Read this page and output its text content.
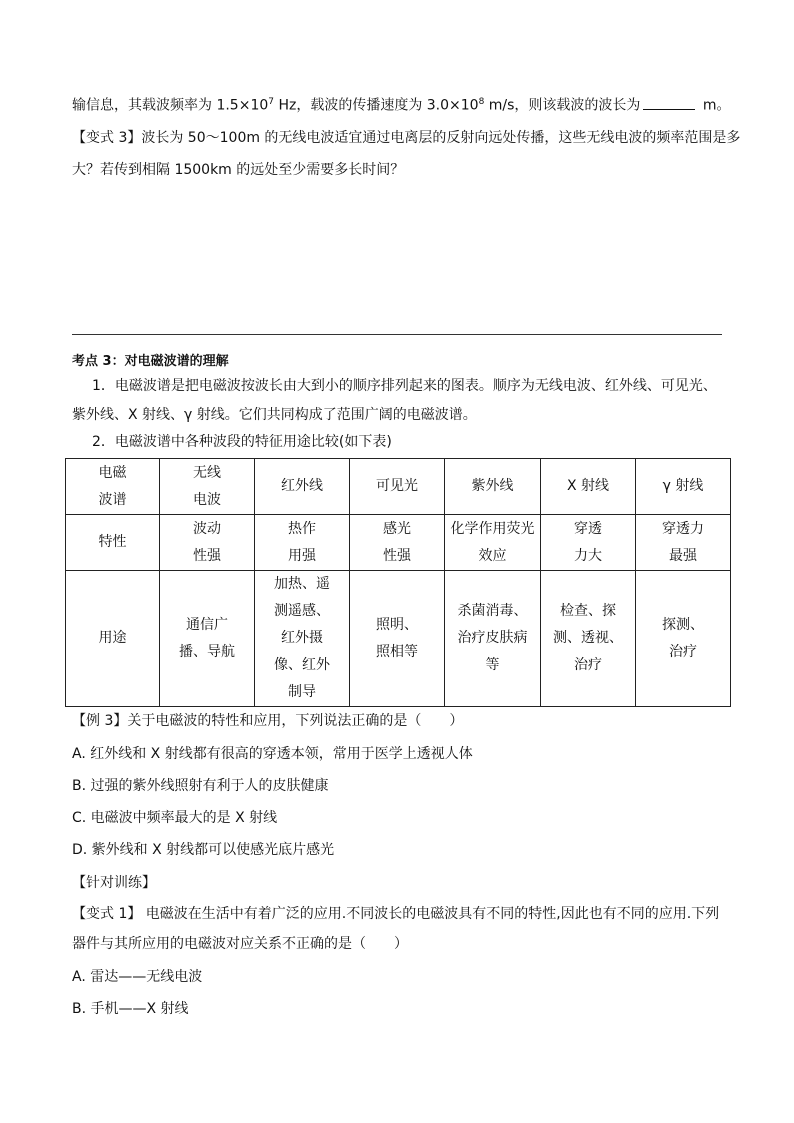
输信息，其载波频率为 $1.5\times 10^7$ Hz，载波的传播速度为 $3.0\times 10^8$ m/s，则该载波的波长为	m。
【变式 3】波长为 50～100m 的无线电波适宜通过电离层的反射向远处传播，这些无线电波的频率范围是多
大？若传到相隔 1500km 的远处至少需要多长时间？
考点 3：对电磁波谱的理解
1．电磁波谱是把电磁波按波长由大到小的顺序排列起来的图表。顺序为无线电波、红外线、可见光、
紫外线、X 射线、γ 射线。它们共同构成了范围广阔的电磁波谱。
2．电磁波谱中各种波段的特征用途比较(如下表)
电磁波谱	无线电波	红外线	可见光	紫外线	X 射线	γ 射线
特性	波动性强	热作用强	感光性强	化学作用荧光效应	穿透力大	穿透力最强
用途	通信广播、导航	加热、遥测遥感、红外摄像、红外制导	照明、照相等	杀菌消毒、治疗皮肤病等	检查、探测、透视、治疗	探测、治疗
【例 3】关于电磁波的特性和应用，下列说法正确的是（　　）
A. 红外线和 X 射线都有很高的穿透本领，常用于医学上透视人体
B. 过强的紫外线照射有利于人的皮肤健康
C. 电磁波中频率最大的是 X 射线
D. 紫外线和 X 射线都可以使感光底片感光
【针对训练】
【变式 1】 电磁波在生活中有着广泛的应用.不同波长的电磁波具有不同的特性,因此也有不同的应用.下列
器件与其所应用的电磁波对应关系不正确的是（　　）
A. 雷达——无线电波
B. 手机——X 射线
